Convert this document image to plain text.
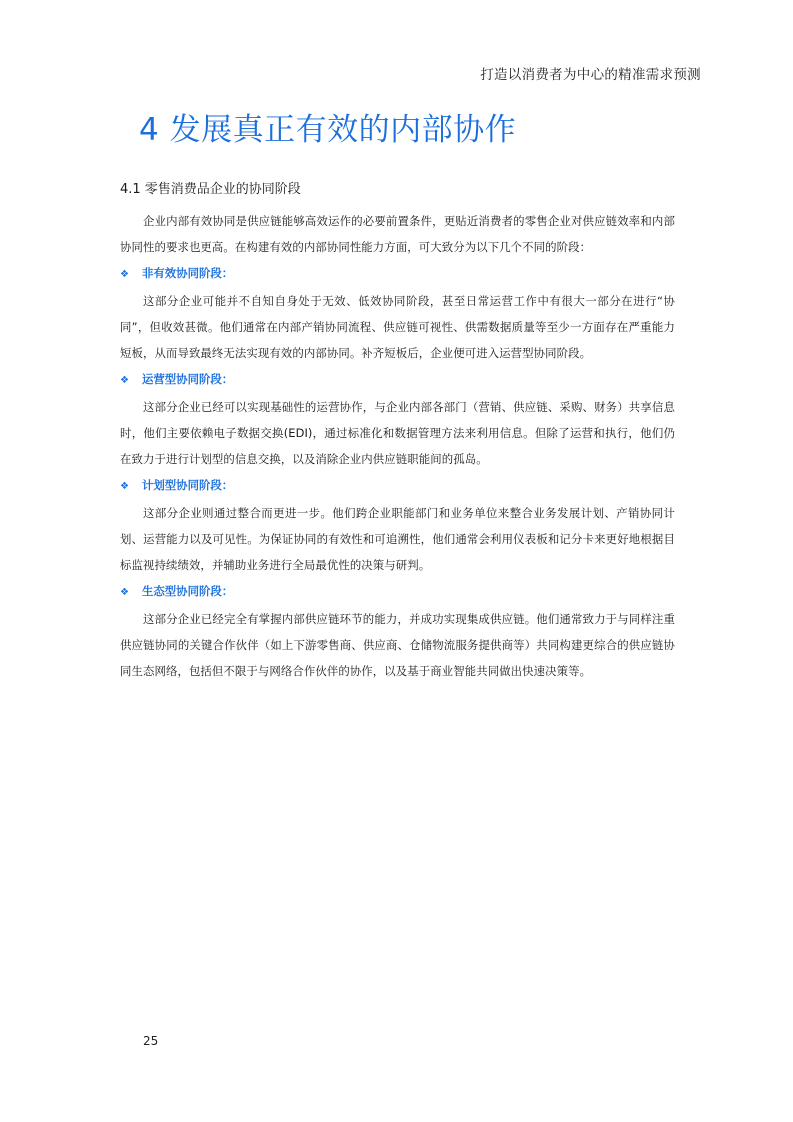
打造以消费者为中心的精准需求预测
4 发展真正有效的内部协作
4.1 零售消费品企业的协同阶段

企业内部有效协同是供应链能够高效运作的必要前置条件，更贴近消费者的零售企业对供应链效率和内部协同性的要求也更高。在构建有效的内部协同性能力方面，可大致分为以下几个不同的阶段：

❖ 非有效协同阶段：

这部分企业可能并不自知自身处于无效、低效协同阶段，甚至日常运营工作中有很大一部分在进行“协同”，但收效甚微。他们通常在内部产销协同流程、供应链可视性、供需数据质量等至少一方面存在严重能力短板，从而导致最终无法实现有效的内部协同。补齐短板后，企业便可进入运营型协同阶段。

❖ 运营型协同阶段：

这部分企业已经可以实现基础性的运营协作，与企业内部各部门（营销、供应链、采购、财务）共享信息时，他们主要依赖电子数据交换(EDI)，通过标准化和数据管理方法来利用信息。但除了运营和执行，他们仍在致力于进行计划型的信息交换，以及消除企业内供应链职能间的孤岛。

❖ 计划型协同阶段：

这部分企业则通过整合而更进一步。他们跨企业职能部门和业务单位来整合业务发展计划、产销协同计划、运营能力以及可见性。为保证协同的有效性和可追溯性，他们通常会利用仪表板和记分卡来更好地根据目标监视持续绩效，并辅助业务进行全局最优性的决策与研判。

❖ 生态型协同阶段：

这部分企业已经完全有掌握内部供应链环节的能力，并成功实现集成供应链。他们通常致力于与同样注重供应链协同的关键合作伙伴（如上下游零售商、供应商、仓储物流服务提供商等）共同构建更综合的供应链协同生态网络，包括但不限于与网络合作伙伴的协作，以及基于商业智能共同做出快速决策等。

25
